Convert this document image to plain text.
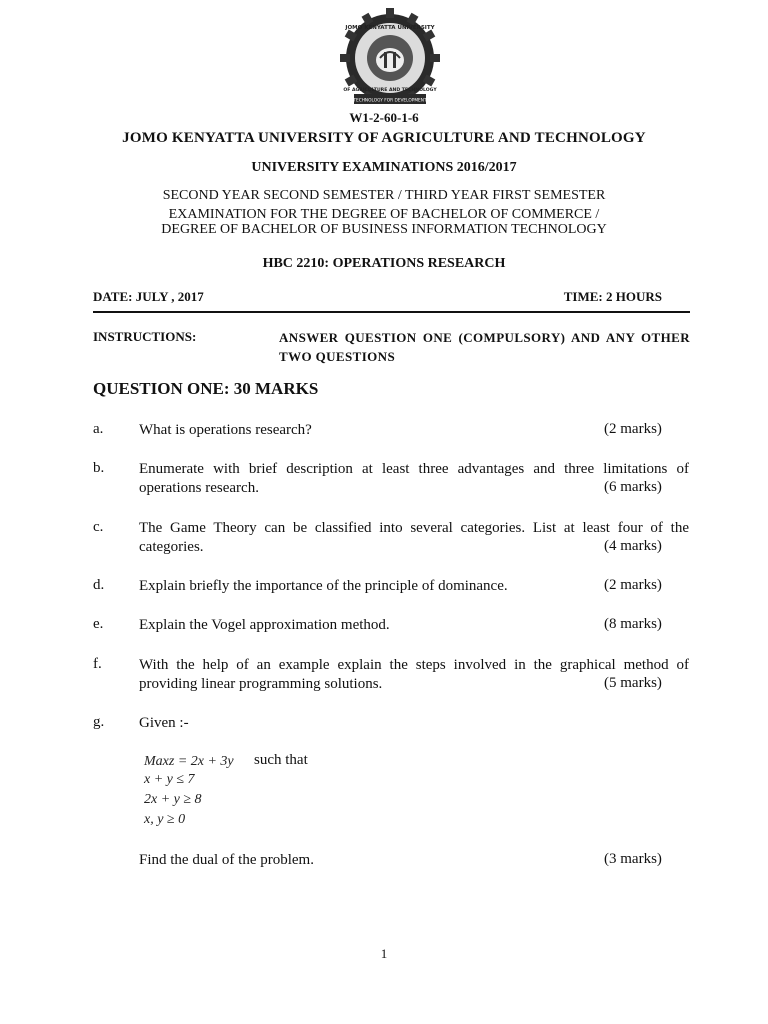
TECHNOLOGY FOR DEVELOPMENT
JOMO KENYATTA UNIVERSITY
OF AGRICULTURE AND TECHNOLOGY
W1-2-60-1-6
JOMO KENYATTA UNIVERSITY OF AGRICULTURE AND TECHNOLOGY
UNIVERSITY EXAMINATIONS 2016/2017
SECOND YEAR SECOND SEMESTER / THIRD YEAR FIRST SEMESTER
EXAMINATION FOR THE DEGREE OF BACHELOR OF COMMERCE /
DEGREE OF BACHELOR OF BUSINESS INFORMATION TECHNOLOGY
HBC 2210: OPERATIONS RESEARCH
DATE: JULY , 2017	TIME: 2 HOURS
INSTRUCTIONS:	ANSWER QUESTION ONE (COMPULSORY) AND ANY OTHER TWO QUESTIONS
QUESTION ONE: 30 MARKS
a. What is operations research?	(2 marks)
b. Enumerate with brief description at least three advantages and three limitations of operations research.	(6 marks)
c. The Game Theory can be classified into several categories. List at least four of the categories.	(4 marks)
d. Explain briefly the importance of the principle of dominance.	(2 marks)
e. Explain the Vogel approximation method.	(8 marks)
f. With the help of an example explain the steps involved in the graphical method of providing linear programming solutions.	(5 marks)
g. Given :-
Maxz = 2x + 3y such that
x + y ≤ 7
2x + y ≥ 8
x, y ≥ 0
Find the dual of the problem.	(3 marks)
1
